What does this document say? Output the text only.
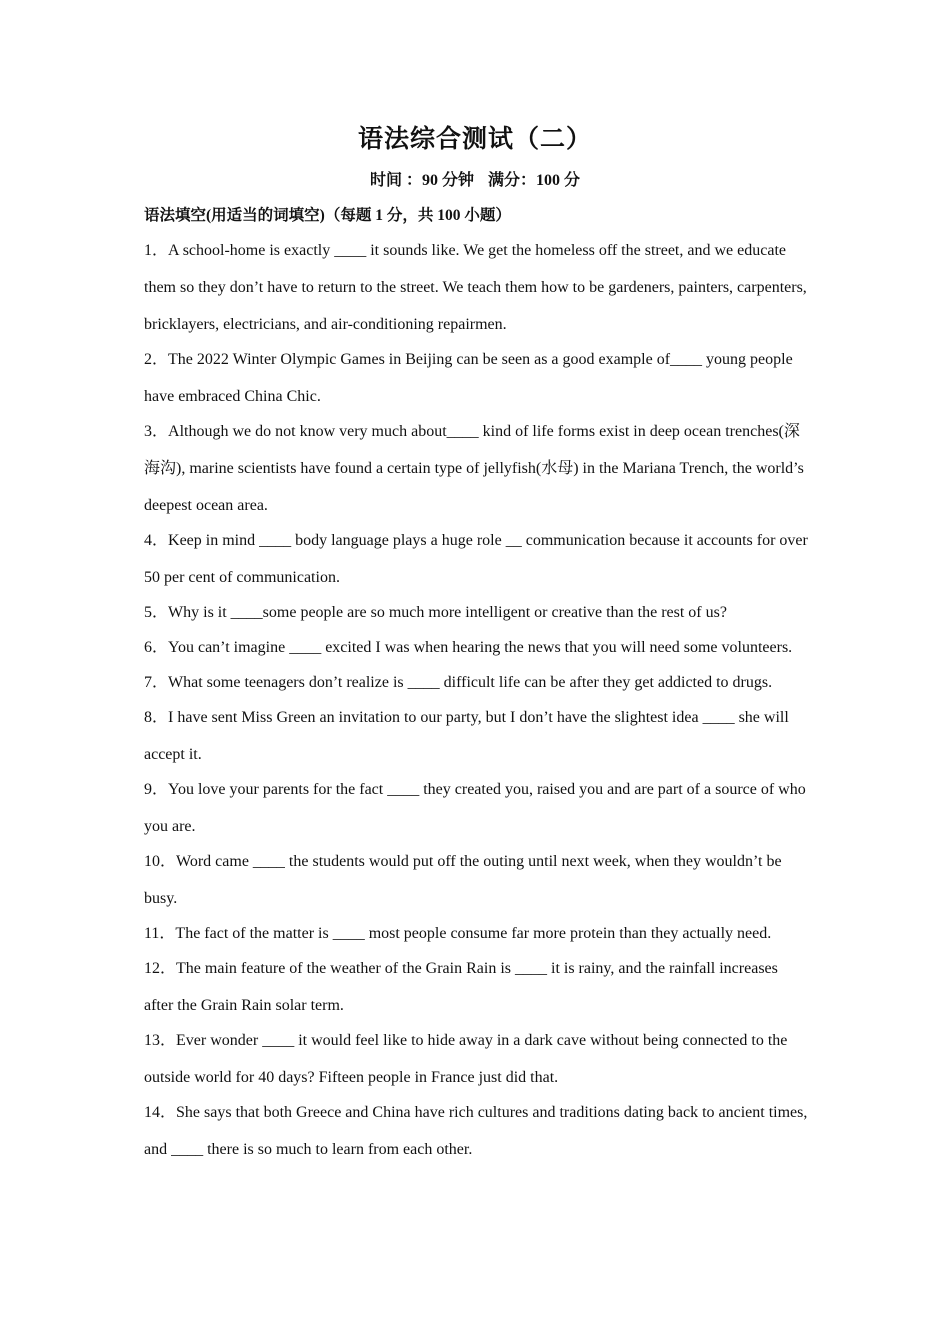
语法综合测试（二）
时间 ：90 分钟 满分：100 分
语法填空(用适当的词填空)（每题 1 分，共 100 小题）
1．A school-home is exactly ____ it sounds like. We get the homeless off the street, and we educate them so they don’t have to return to the street. We teach them how to be gardeners, painters, carpenters, bricklayers, electricians, and air-conditioning repairmen.
2．The 2022 Winter Olympic Games in Beijing can be seen as a good example of____ young people have embraced China Chic.
3．Although we do not know very much about____ kind of life forms exist in deep ocean trenches(深海沟), marine scientists have found a certain type of jellyfish(水母) in the Mariana Trench, the world’s deepest ocean area.
4．Keep in mind ____ body language plays a huge role __ communication because it accounts for over 50 per cent of communication.
5．Why is it ____some people are so much more intelligent or creative than the rest of us?
6．You can’t imagine ____ excited I was when hearing the news that you will need some volunteers.
7．What some teenagers don’t realize is ____ difficult life can be after they get addicted to drugs.
8．I have sent Miss Green an invitation to our party, but I don’t have the slightest idea ____ she will accept it.
9．You love your parents for the fact ____ they created you, raised you and are part of a source of who you are.
10．Word came ____ the students would put off the outing until next week, when they wouldn’t be busy.
11．The fact of the matter is ____ most people consume far more protein than they actually need.
12．The main feature of the weather of the Grain Rain is ____ it is rainy, and the rainfall increases after the Grain Rain solar term.
13．Ever wonder ____ it would feel like to hide away in a dark cave without being connected to the outside world for 40 days? Fifteen people in France just did that.
14．She says that both Greece and China have rich cultures and traditions dating back to ancient times, and ____ there is so much to learn from each other.
